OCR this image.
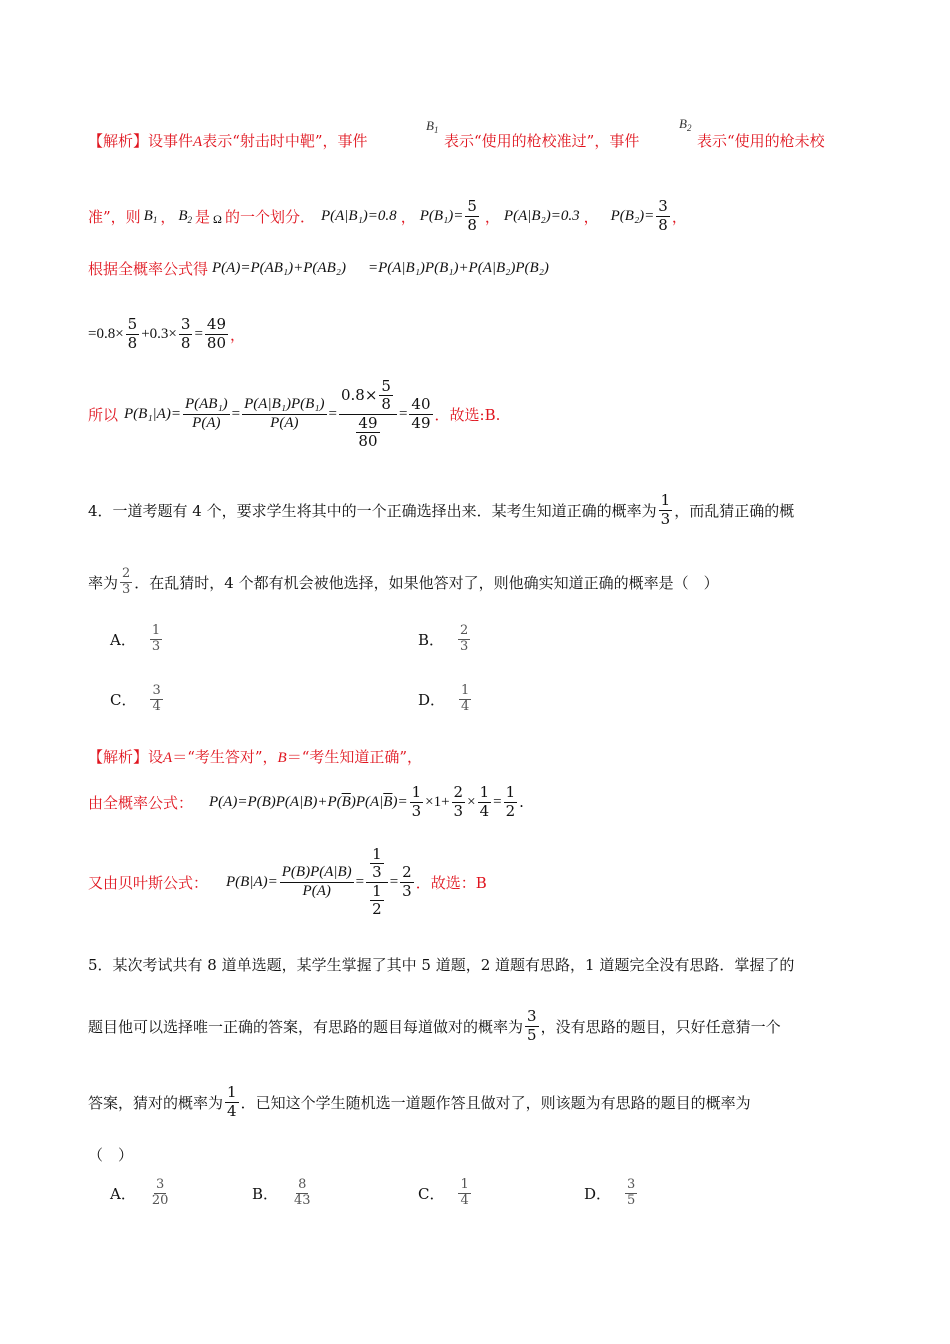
【解析】设事件A表示“射击时中靶”，事件
$B_1$
表示“使用的枪校准过”，事件
$B_2$
表示“使用的枪未校
准”，则 $B_1$ ， $B_2$ 是 Ω 的一个划分． P(A|B₁)=0.8 ， $P(B_1)= \frac{5}{8}$ ， P(A|B₂)=0.3 ， $P(B_2)= \frac{3}{8}$ ，
根据全概率公式得 P(A)=P(AB₁)+P(AB₂) =P(A|B₁)P(B₁)+P(A|B₂)P(B₂)
$=0.8\times \frac{5}{8} +0.3\times \frac{3}{8} = \frac{49}{80}$ ，
所以 $P(B_1|A)= \frac{\text{P(AB₁)}}{P(A)} = \frac{\text{P(A|B₁)P(B₁)}}{P(A)} = \frac{0.8\times \frac{5}{8}}{\frac{49}{80}} = \frac{40}{49}$ ．故选:B.
4．一道考题有 4 个，要求学生将其中的一个正确选择出来．某考生知道正确的概率为 $\frac{1}{3}$ ，而乱猜正确的概
率为 $\frac{2}{3}$ ．在乱猜时，4 个都有机会被他选择，如果他答对了，则他确实知道正确的概率是（　）
A． $\frac{1}{3}$	B． $\frac{2}{3}$
C． $\frac{3}{4}$	D． $\frac{1}{4}$
【解析】设A＝“考生答对”，B＝“考生知道正确”，
由全概率公式： P(A)=P(B)P(A|B)+P( $\overline{B}$ )P(A| $\overline{B}$ )= $\frac{1}{3} \times 1+ \frac{2}{3} \times \frac{1}{4} = \frac{1}{2}$ .
又由贝叶斯公式： $P(B|A)= \frac{P(B)P(A|B)}{P(A)} = \frac{\frac{1}{3}}{\frac{1}{2}} = \frac{2}{3}$ ．故选：B
5．某次考试共有 8 道单选题，某学生掌握了其中 5 道题，2 道题有思路，1 道题完全没有思路．掌握了的
题目他可以选择唯一正确的答案，有思路的题目每道做对的概率为 $\frac{3}{5}$ ，没有思路的题目，只好任意猜一个
答案，猜对的概率为 $\frac{1}{4}$ ．已知这个学生随机选一道题作答且做对了，则该题为有思路的题目的概率为
（　）
A． $\frac{3}{20}$	B． $\frac{8}{43}$	C． $\frac{1}{4}$	D． $\frac{3}{5}$
